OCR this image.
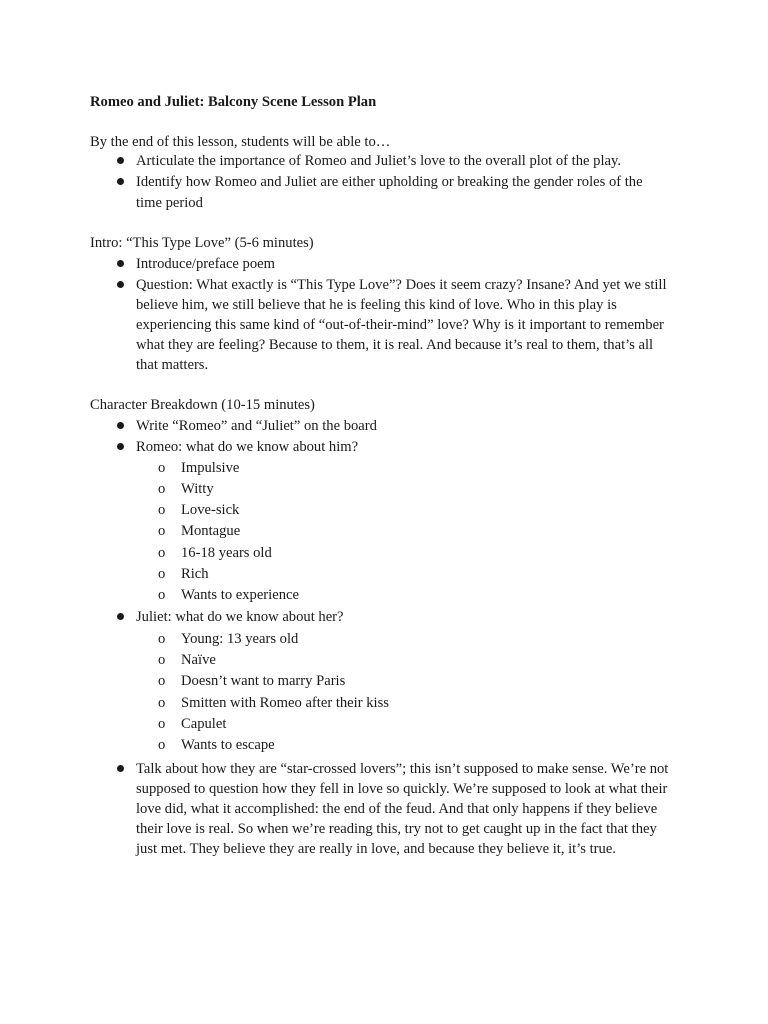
Romeo and Juliet: Balcony Scene Lesson Plan
By the end of this lesson, students will be able to…
Articulate the importance of Romeo and Juliet’s love to the overall plot of the play.
Identify how Romeo and Juliet are either upholding or breaking the gender roles of the
time period
Intro: “This Type Love” (5-6 minutes)
Introduce/preface poem
Question: What exactly is “This Type Love”? Does it seem crazy? Insane? And yet we still
believe him, we still believe that he is feeling this kind of love. Who in this play is
experiencing this same kind of “out-of-their-mind” love? Why is it important to remember
what they are feeling? Because to them, it is real. And because it’s real to them, that’s all
that matters.
Character Breakdown (10-15 minutes)
Write “Romeo” and “Juliet” on the board
Romeo: what do we know about him?
o Impulsive
o Witty
o Love-sick
o Montague
o 16-18 years old
o Rich
o Wants to experience
Juliet: what do we know about her?
o Young: 13 years old
o Naïve
o Doesn’t want to marry Paris
o Smitten with Romeo after their kiss
o Capulet
o Wants to escape
Talk about how they are “star-crossed lovers”; this isn’t supposed to make sense. We’re not
supposed to question how they fell in love so quickly. We’re supposed to look at what their
love did, what it accomplished: the end of the feud. And that only happens if they believe
their love is real. So when we’re reading this, try not to get caught up in the fact that they
just met. They believe they are really in love, and because they believe it, it’s true.
